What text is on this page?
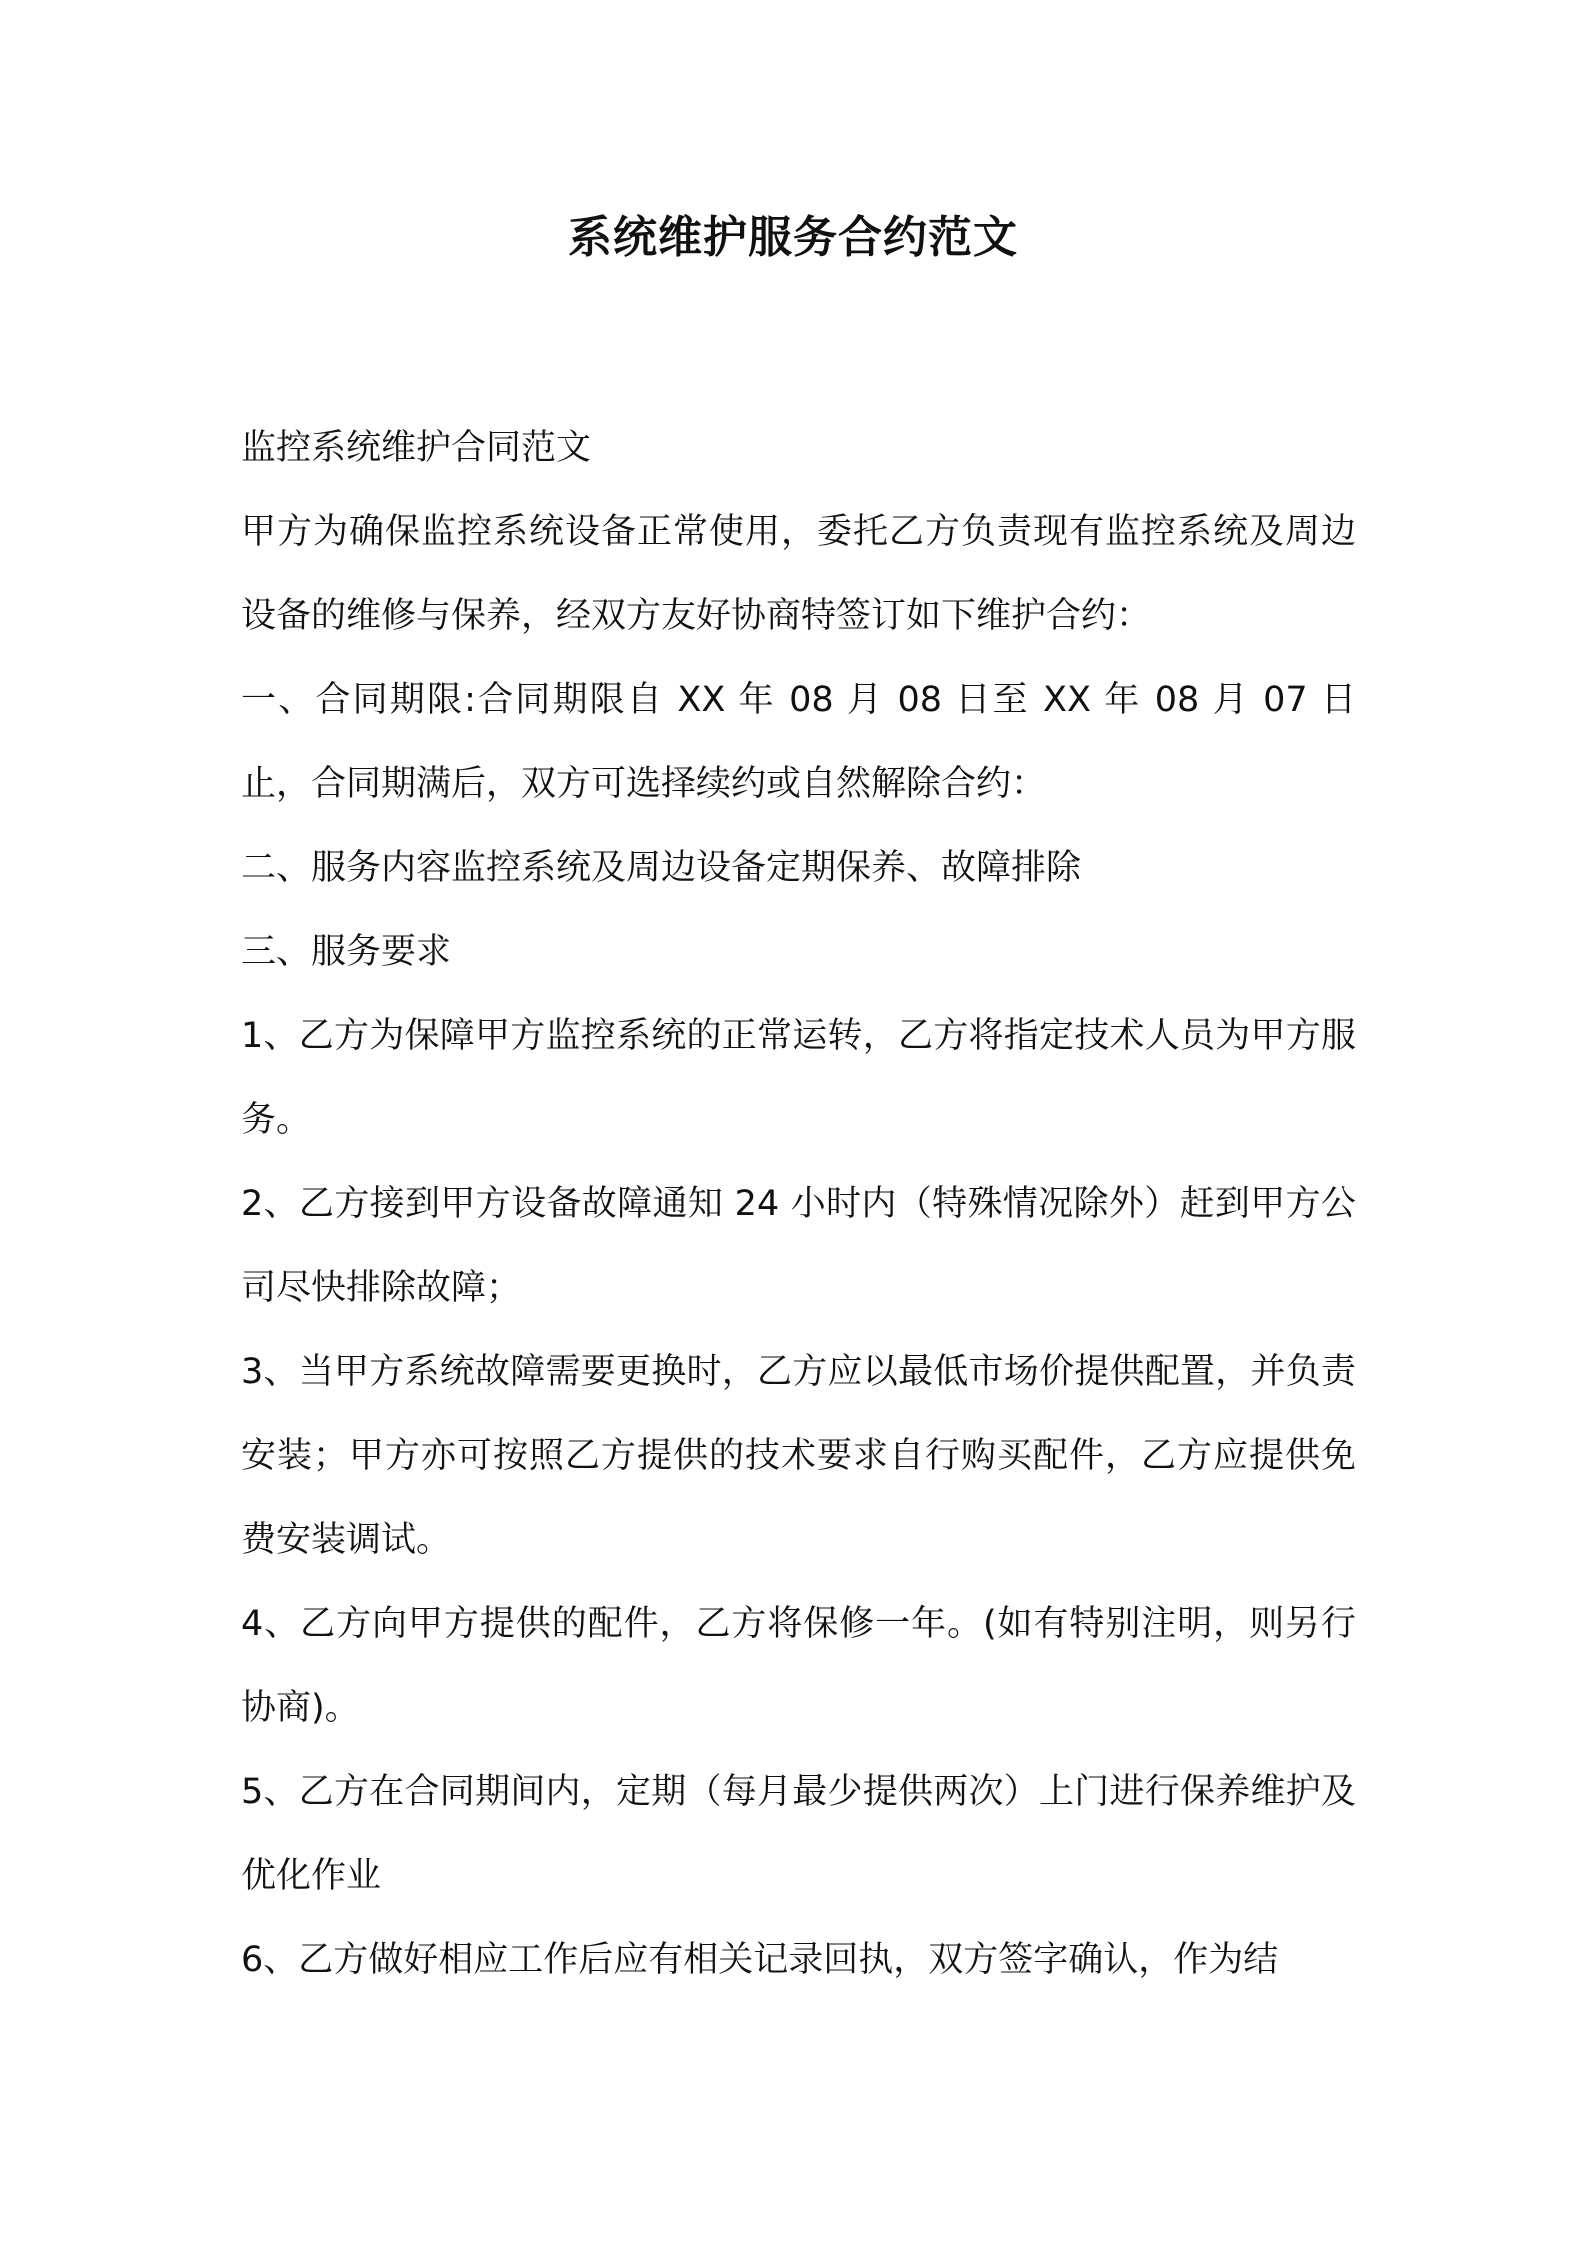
系统维护服务合约范文

监控系统维护合同范文

甲方为确保监控系统设备正常使用，委托乙方负责现有监控系统及周边设备的维修与保养，经双方友好协商特签订如下维护合约：

一、合同期限:合同期限自 XX 年 08 月 08 日至 XX 年 08 月 07 日止，合同期满后，双方可选择续约或自然解除合约：

二、服务内容监控系统及周边设备定期保养、故障排除

三、服务要求

1、乙方为保障甲方监控系统的正常运转，乙方将指定技术人员为甲方服务。

2、乙方接到甲方设备故障通知 24 小时内（特殊情况除外）赶到甲方公司尽快排除故障；

3、当甲方系统故障需要更换时，乙方应以最低市场价提供配置，并负责安装；甲方亦可按照乙方提供的技术要求自行购买配件，乙方应提供免费安装调试。

4、乙方向甲方提供的配件，乙方将保修一年。(如有特别注明，则另行协商)。

5、乙方在合同期间内，定期（每月最少提供两次）上门进行保养维护及优化作业

6、乙方做好相应工作后应有相关记录回执，双方签字确认，作为结
